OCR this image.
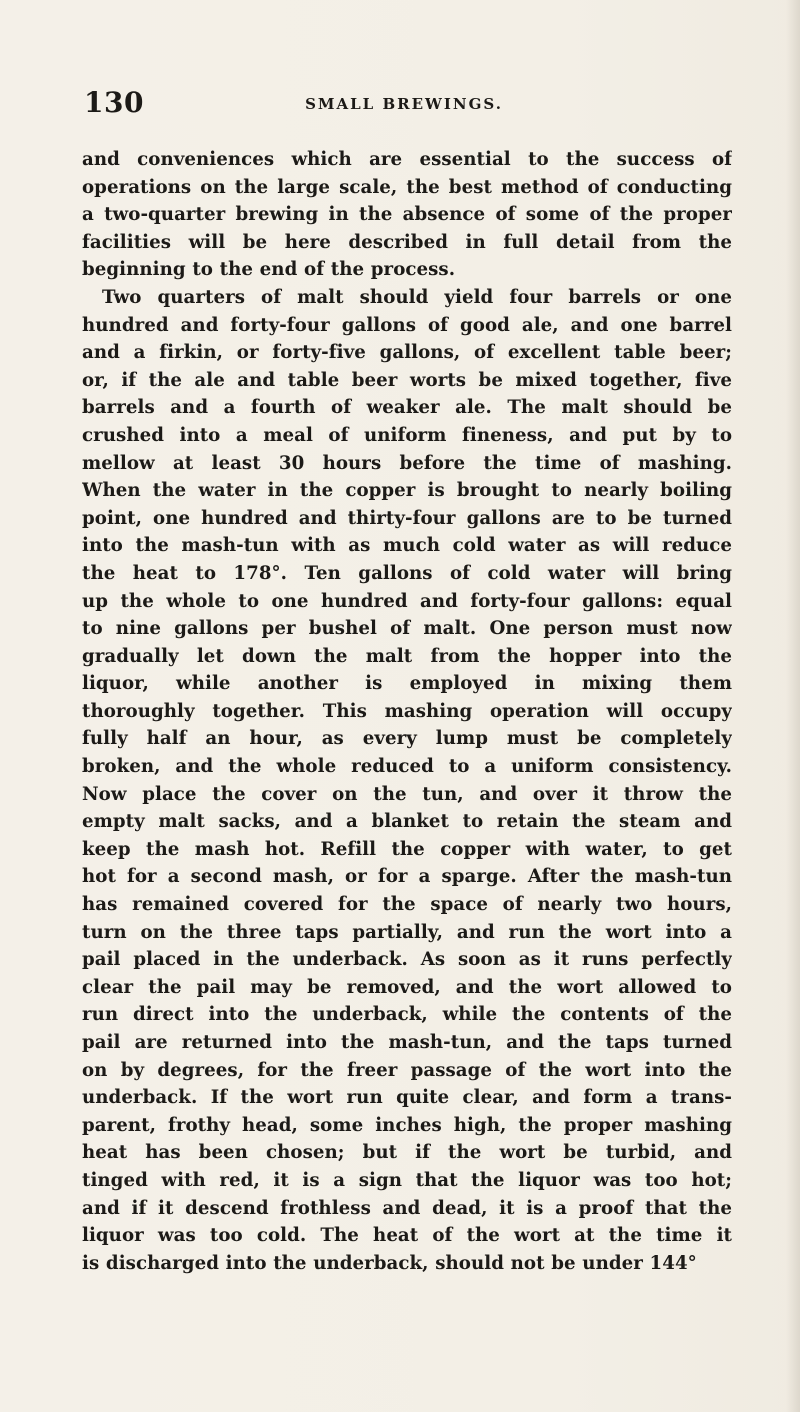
130	SMALL BREWINGS.
and conveniences which are essential to the success of
operations on the large scale, the best method of conducting
a two-quarter brewing in the absence of some of the proper
facilities will be here described in full detail from the
beginning to the end of the process.
Two quarters of malt should yield four barrels or one
hundred and forty-four gallons of good ale, and one barrel
and a firkin, or forty-five gallons, of excellent table beer;
or, if the ale and table beer worts be mixed together, five
barrels and a fourth of weaker ale. The malt should be
crushed into a meal of uniform fineness, and put by to
mellow at least 30 hours before the time of mashing.
When the water in the copper is brought to nearly boiling
point, one hundred and thirty-four gallons are to be turned
into the mash-tun with as much cold water as will reduce
the heat to 178°. Ten gallons of cold water will bring
up the whole to one hundred and forty-four gallons: equal
to nine gallons per bushel of malt. One person must now
gradually let down the malt from the hopper into the
liquor, while another is employed in mixing them
thoroughly together. This mashing operation will occupy
fully half an hour, as every lump must be completely
broken, and the whole reduced to a uniform consistency.
Now place the cover on the tun, and over it throw the
empty malt sacks, and a blanket to retain the steam and
keep the mash hot. Refill the copper with water, to get
hot for a second mash, or for a sparge. After the mash-tun
has remained covered for the space of nearly two hours,
turn on the three taps partially, and run the wort into a
pail placed in the underback. As soon as it runs perfectly
clear the pail may be removed, and the wort allowed to
run direct into the underback, while the contents of the
pail are returned into the mash-tun, and the taps turned
on by degrees, for the freer passage of the wort into the
underback. If the wort run quite clear, and form a trans-
parent, frothy head, some inches high, the proper mashing
heat has been chosen; but if the wort be turbid, and
tinged with red, it is a sign that the liquor was too hot;
and if it descend frothless and dead, it is a proof that the
liquor was too cold. The heat of the wort at the time it
is discharged into the underback, should not be under 144°
